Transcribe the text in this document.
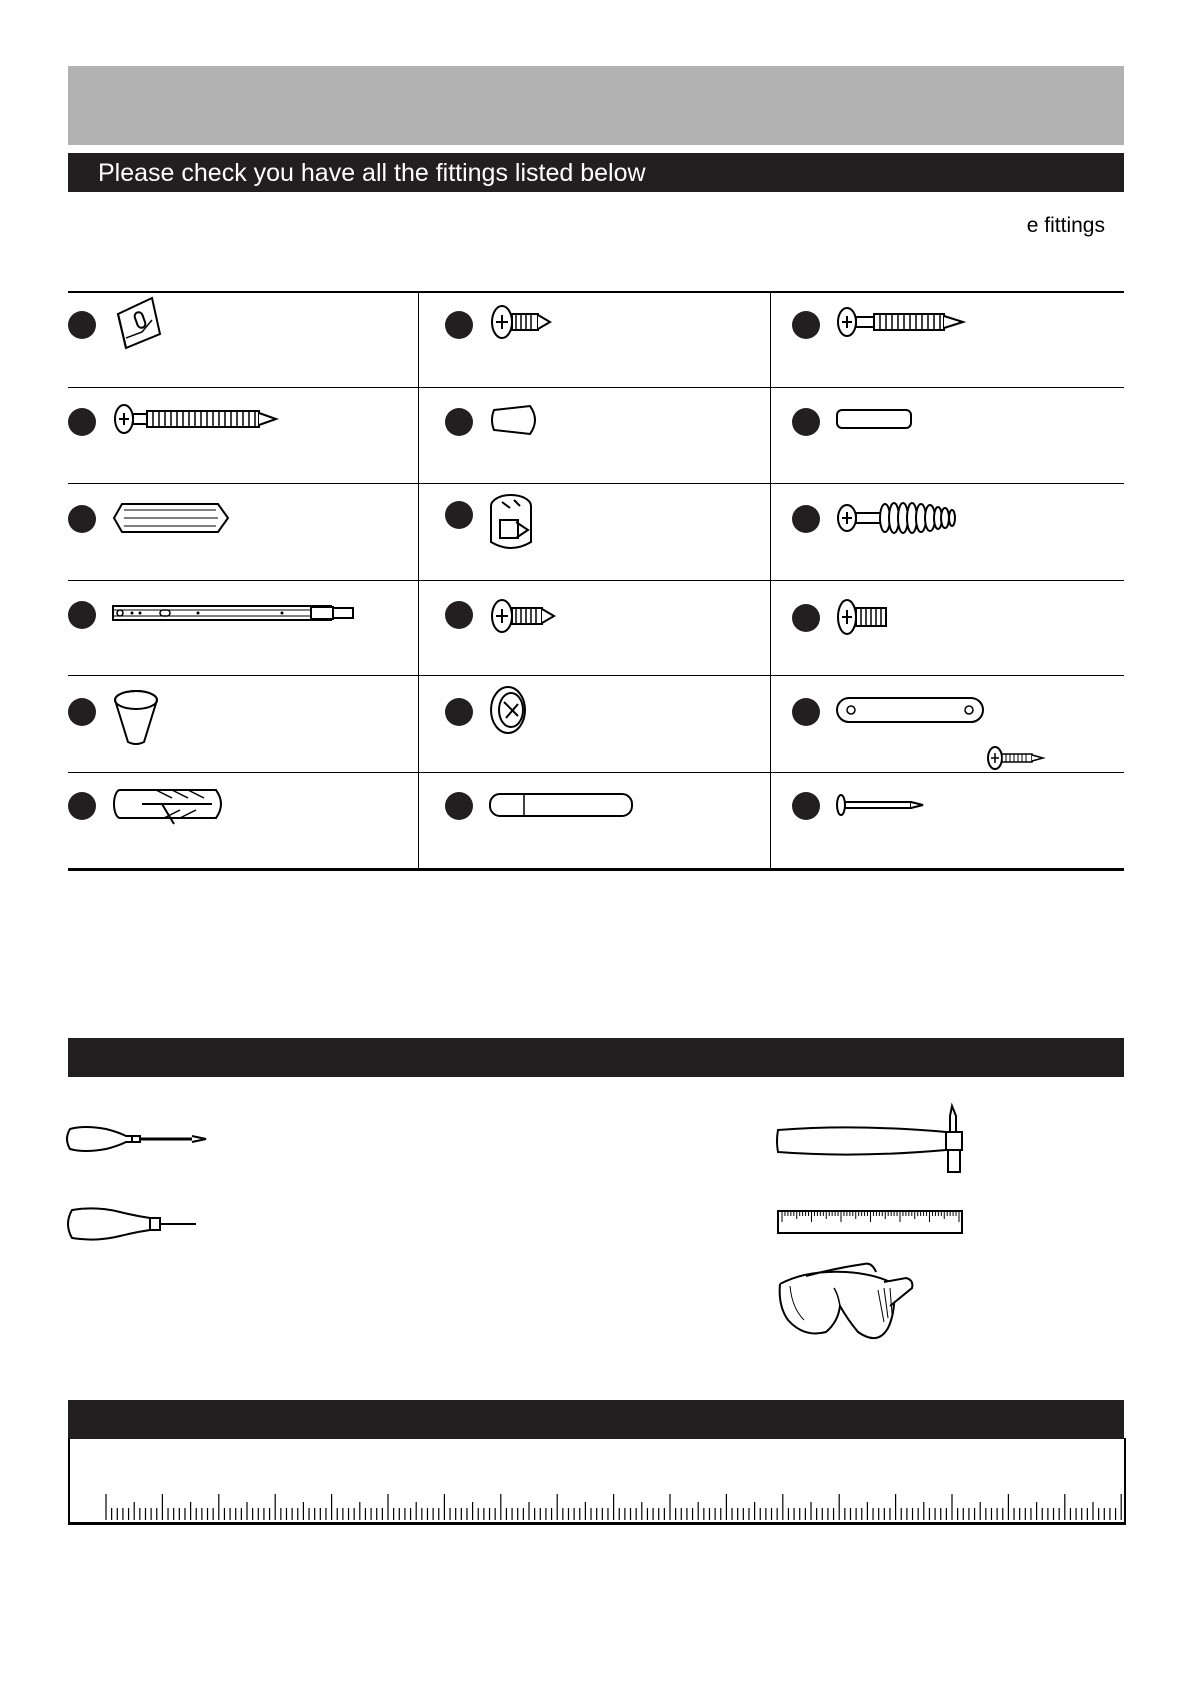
Please check you have all the fittings listed below
e fittings
